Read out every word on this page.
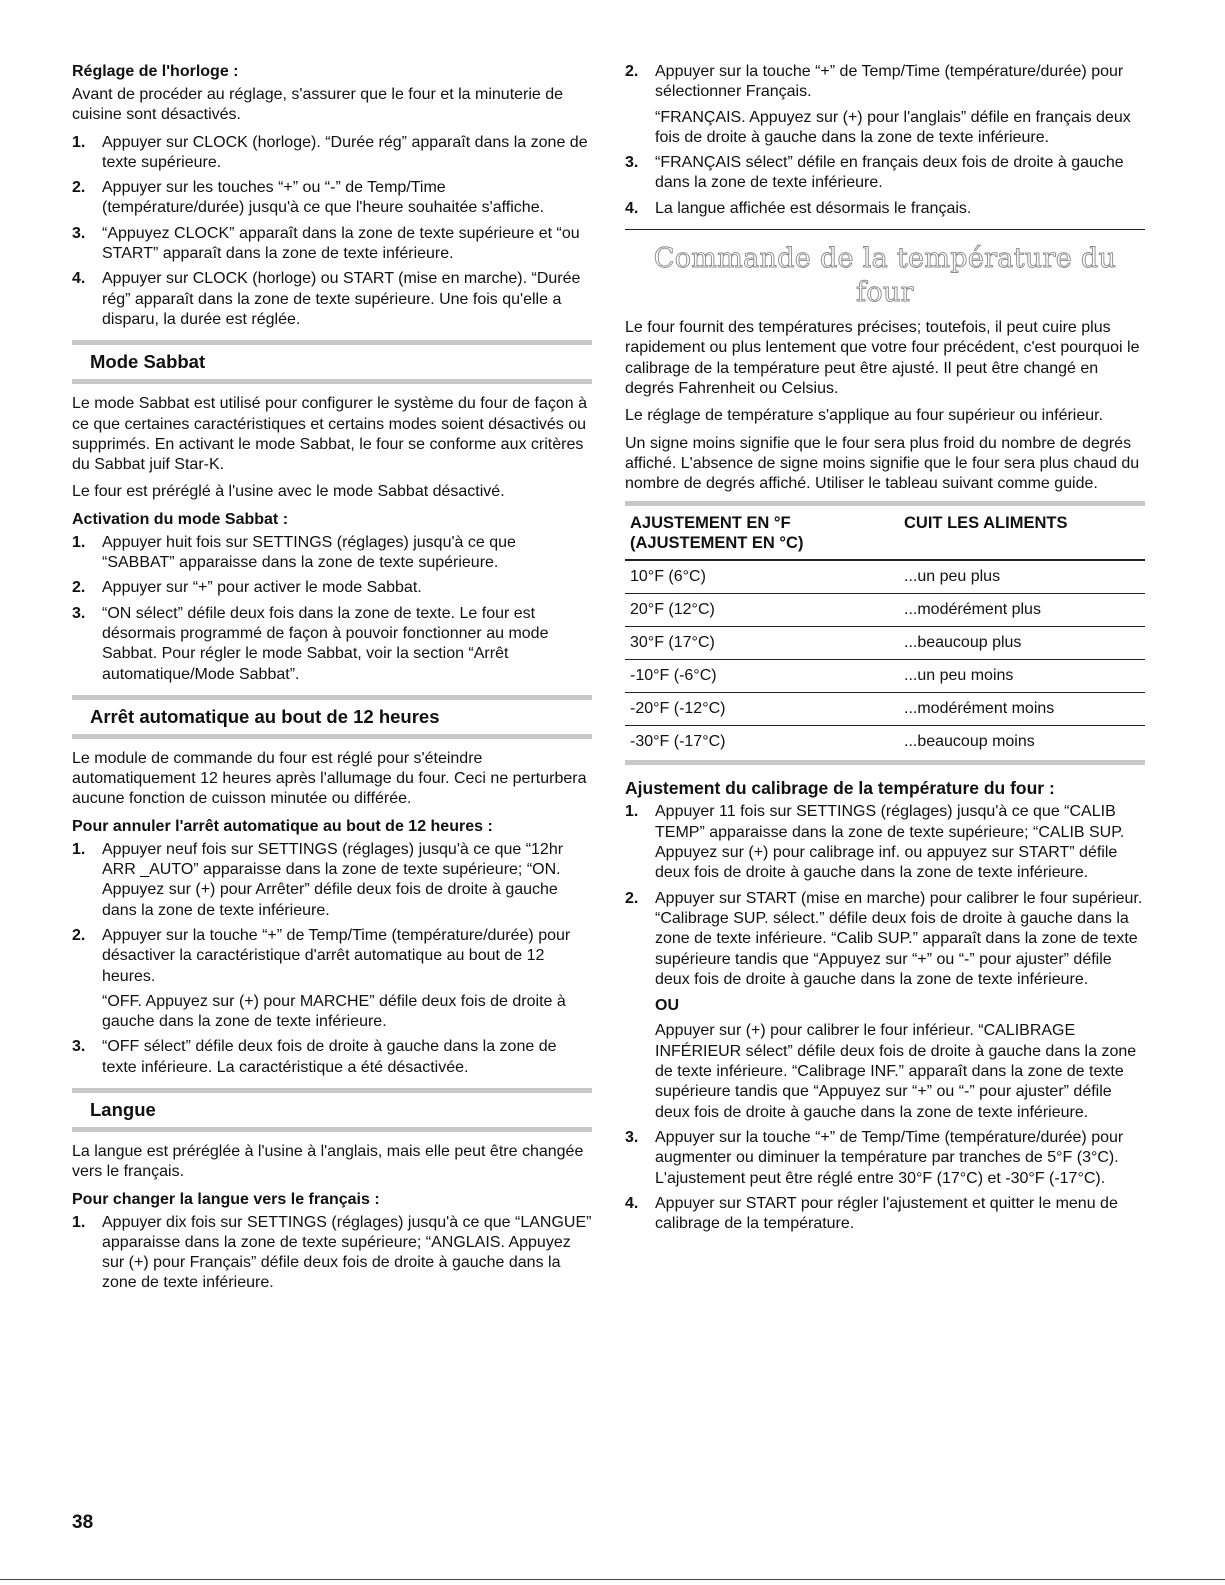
Réglage de l'horloge :

Avant de procéder au réglage, s'assurer que le four et la minuterie de cuisine sont désactivés.

1. Appuyer sur CLOCK (horloge). “Durée rég” apparaît dans la zone de texte supérieure.
2. Appuyer sur les touches “+” ou “-” de Temp/Time (température/durée) jusqu'à ce que l'heure souhaitée s'affiche.
3. “Appuyez CLOCK” apparaît dans la zone de texte supérieure et “ou START” apparaît dans la zone de texte inférieure.
4. Appuyer sur CLOCK (horloge) ou START (mise en marche). “Durée rég” apparaît dans la zone de texte supérieure. Une fois qu'elle a disparu, la durée est réglée.
Mode Sabbat

Le mode Sabbat est utilisé pour configurer le système du four de façon à ce que certaines caractéristiques et certains modes soient désactivés ou supprimés. En activant le mode Sabbat, le four se conforme aux critères du Sabbat juif Star-K.

Le four est préréglé à l'usine avec le mode Sabbat désactivé.

Activation du mode Sabbat :
1. Appuyer huit fois sur SETTINGS (réglages) jusqu'à ce que “SABBAT” apparaisse dans la zone de texte supérieure.
2. Appuyer sur “+” pour activer le mode Sabbat.
3. “ON sélect” défile deux fois dans la zone de texte. Le four est désormais programmé de façon à pouvoir fonctionner au mode Sabbat. Pour régler le mode Sabbat, voir la section “Arrêt automatique/Mode Sabbat”.
Arrêt automatique au bout de 12 heures

Le module de commande du four est réglé pour s'éteindre automatiquement 12 heures après l'allumage du four. Ceci ne perturbera aucune fonction de cuisson minutée ou différée.

Pour annuler l'arrêt automatique au bout de 12 heures :
1. Appuyer neuf fois sur SETTINGS (réglages) jusqu'à ce que “12hr ARR _AUTO” apparaisse dans la zone de texte supérieure; “ON. Appuyez sur (+) pour Arrêter” défile deux fois de droite à gauche dans la zone de texte inférieure.
2. Appuyer sur la touche “+” de Temp/Time (température/durée) pour désactiver la caractéristique d'arrêt automatique au bout de 12 heures.

“OFF. Appuyez sur (+) pour MARCHE” défile deux fois de droite à gauche dans la zone de texte inférieure.

3. “OFF sélect” défile deux fois de droite à gauche dans la zone de texte inférieure. La caractéristique a été désactivée.
Langue

La langue est préréglée à l'usine à l'anglais, mais elle peut être changée vers le français.

Pour changer la langue vers le français :
1. Appuyer dix fois sur SETTINGS (réglages) jusqu'à ce que “LANGUE” apparaisse dans la zone de texte supérieure; “ANGLAIS. Appuyez sur (+) pour Français” défile deux fois de droite à gauche dans la zone de texte inférieure.
2. Appuyer sur la touche “+” de Temp/Time (température/durée) pour sélectionner Français.

“FRANÇAIS. Appuyez sur (+) pour l'anglais” défile en français deux fois de droite à gauche dans la zone de texte inférieure.

3. “FRANÇAIS sélect” défile en français deux fois de droite à gauche dans la zone de texte inférieure.
4. La langue affichée est désormais le français.
Commande de la température du four

Le four fournit des températures précises; toutefois, il peut cuire plus rapidement ou plus lentement que votre four précédent, c'est pourquoi le calibrage de la température peut être ajusté. Il peut être changé en degrés Fahrenheit ou Celsius.

Le réglage de température s'applique au four supérieur ou inférieur.

Un signe moins signifie que le four sera plus froid du nombre de degrés affiché. L'absence de signe moins signifie que le four sera plus chaud du nombre de degrés affiché. Utiliser le tableau suivant comme guide.

AJUSTEMENT EN °F
(AJUSTEMENT EN °C)	CUIT LES ALIMENTS
10°F (6°C)	...un peu plus
20°F (12°C)	...modérément plus
30°F (17°C)	...beaucoup plus
-10°F (-6°C)	...un peu moins
-20°F (-12°C)	...modérément moins
-30°F (-17°C)	...beaucoup moins
Ajustement du calibrage de la température du four :
1. Appuyer 11 fois sur SETTINGS (réglages) jusqu'à ce que “CALIB TEMP” apparaisse dans la zone de texte supérieure; “CALIB SUP. Appuyez sur (+) pour calibrage inf. ou appuyez sur START” défile deux fois de droite à gauche dans la zone de texte inférieure.
2. Appuyer sur START (mise en marche) pour calibrer le four supérieur. “Calibrage SUP. sélect.” défile deux fois de droite à gauche dans la zone de texte inférieure. “Calib SUP.” apparaît dans la zone de texte supérieure tandis que “Appuyez sur “+” ou “-” pour ajuster” défile deux fois de droite à gauche dans la zone de texte inférieure.

OU

Appuyer sur (+) pour calibrer le four inférieur. “CALIBRAGE INFÉRIEUR sélect” défile deux fois de droite à gauche dans la zone de texte inférieure. “Calibrage INF.” apparaît dans la zone de texte supérieure tandis que “Appuyez sur “+” ou “-” pour ajuster” défile deux fois de droite à gauche dans la zone de texte inférieure.

3. Appuyer sur la touche “+” de Temp/Time (température/durée) pour augmenter ou diminuer la température par tranches de 5°F (3°C). L'ajustement peut être réglé entre 30°F (17°C) et -30°F (-17°C).
4. Appuyer sur START pour régler l'ajustement et quitter le menu de calibrage de la température.
38
